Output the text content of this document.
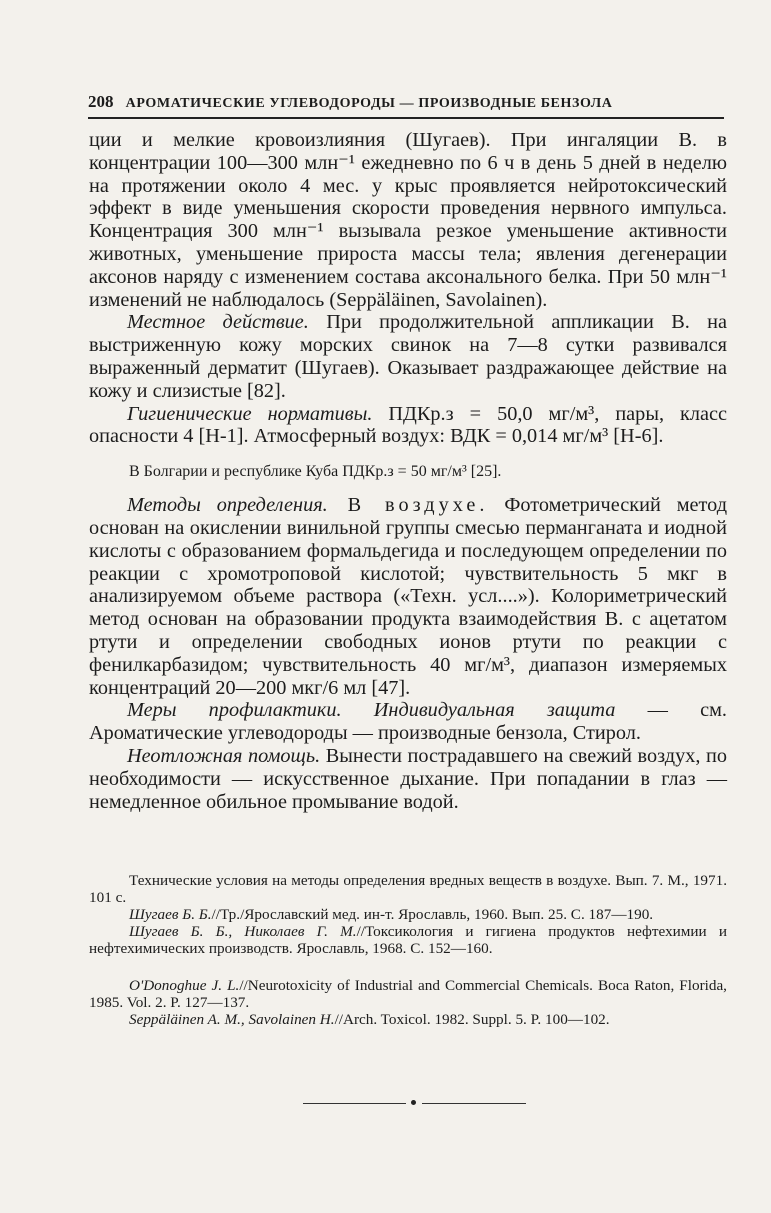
208 АРОМАТИЧЕСКИЕ УГЛЕВОДОРОДЫ — ПРОИЗВОДНЫЕ БЕНЗОЛА

ции и мелкие кровоизлияния (Шугаев). При ингаляции В. в концентрации 100—300 млн⁻¹ ежедневно по 6 ч в день 5 дней в неделю на протяжении около 4 мес. у крыс проявляется нейротоксический эффект в виде уменьшения скорости проведения нервного импульса. Концентрация 300 млн⁻¹ вызывала резкое уменьшение активности животных, уменьшение прироста массы тела; явления дегенерации аксонов наряду с изменением состава аксонального белка. При 50 млн⁻¹ изменений не наблюдалось (Seppäläinen, Savolainen).

Местное действие. При продолжительной аппликации В. на выстриженную кожу морских свинок на 7—8 сутки развивался выраженный дерматит (Шугаев). Оказывает раздражающее действие на кожу и слизистые [82].

Гигиенические нормативы. ПДКр.з = 50,0 мг/м³, пары, класс опасности 4 [Н-1]. Атмосферный воздух: ВДК = 0,014 мг/м³ [Н-6].

В Болгарии и республике Куба ПДКр.з = 50 мг/м³ [25].

Методы определения. В воздухе. Фотометрический метод основан на окислении винильной группы смесью перманганата и иодной кислоты с образованием формальдегида и последующем определении по реакции с хромотроповой кислотой; чувствительность 5 мкг в анализируемом объеме раствора («Техн. усл....»). Колориметрический метод основан на образовании продукта взаимодействия В. с ацетатом ртути и определении свободных ионов ртути по реакции с фенилкарбазидом; чувствительность 40 мг/м³, диапазон измеряемых концентраций 20—200 мкг/6 мл [47].

Меры профилактики. Индивидуальная защита — см. Ароматические углеводороды — производные бензола, Стирол.

Неотложная помощь. Вынести пострадавшего на свежий воздух, по необходимости — искусственное дыхание. При попадании в глаз — немедленное обильное промывание водой.

Технические условия на методы определения вредных веществ в воздухе. Вып. 7. М., 1971. 101 с.

Шугаев Б. Б.//Тр./Ярославский мед. ин-т. Ярославль, 1960. Вып. 25. С. 187—190.

Шугаев Б. Б., Николаев Г. М.//Токсикология и гигиена продуктов нефтехимии и нефтехимических производств. Ярославль, 1968. С. 152—160.

O'Donoghue J. L.//Neurotoxicity of Industrial and Commercial Chemicals. Boca Raton, Florida, 1985. Vol. 2. P. 127—137.

Seppäläinen A. M., Savolainen H.//Arch. Toxicol. 1982. Suppl. 5. P. 100—102.
